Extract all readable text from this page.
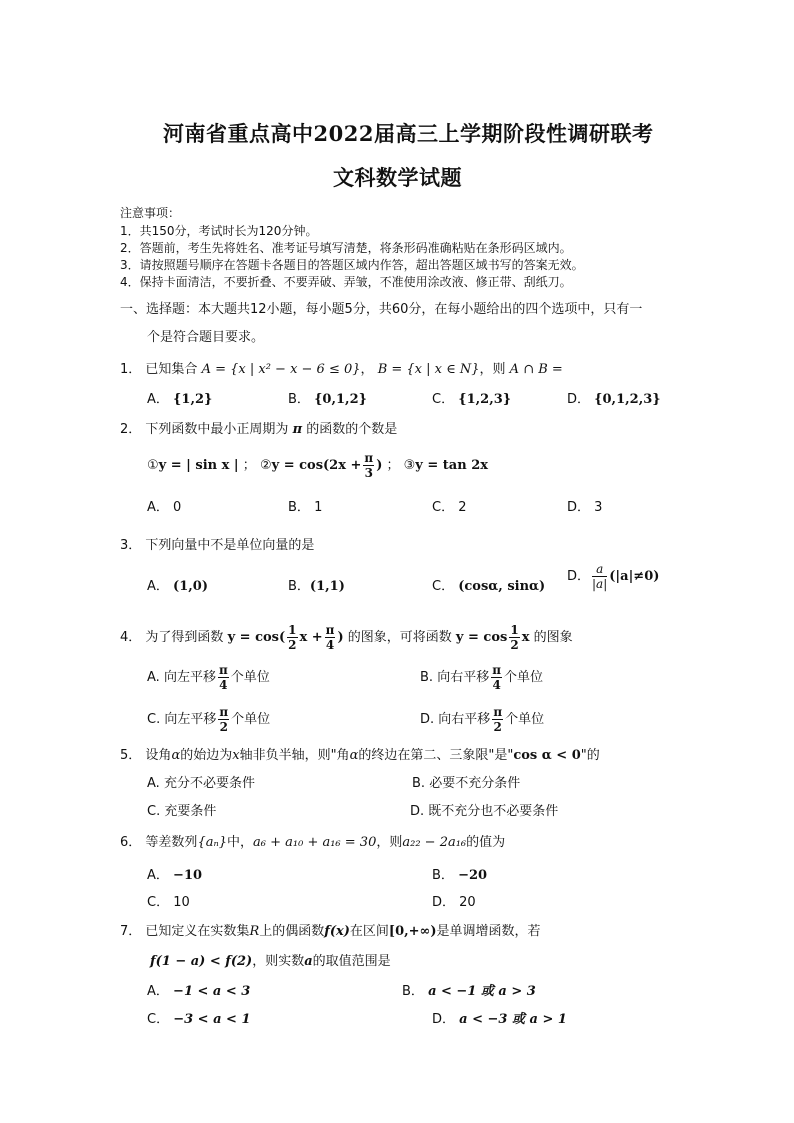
河南省重点高中2022届高三上学期阶段性调研联考
文科数学试题
注意事项：
1．共150分，考试时长为120分钟。
2．答题前，考生先将姓名、准考证号填写清楚，将条形码准确粘贴在条形码区域内。
3．请按照题号顺序在答题卡各题目的答题区域内作答，超出答题区域书写的答案无效。
4．保持卡面清洁，不要折叠、不要弄破、弄皱，不准使用涂改液、修正带、刮纸刀。
一、选择题：本大题共12小题，每小题5分，共60分，在每小题给出的四个选项中，只有一
个是符合题目要求。
1． 已知集合 A = {x | x² − x − 6 ≤ 0}， B = {x | x ∈ N}，则 A ∩ B =
A． {1,2}	B． {0,1,2}	C． {1,2,3}	D． {0,1,2,3}
2． 下列函数中最小正周期为 π 的函数的个数是
①y = | sin x | ； ②y = $\cos(2x + \frac{\pi}{3}$ ) ； ③y = tan 2x
A． 0	B． 1	C． 2	D． 3
3． 下列向量中不是单位向量的是
A． (1,0)	B．(1,1)	C． (cosα, sinα)
D． $\frac{a}{|a|} (|a|\ne 0)$
4． 为了得到函数 $y = \cos( \frac{1}{2}$ $x + \frac{\pi}{4}$ ) 的图象，可将函数 $y = \cos \frac{1}{2}$ x 的图象
A. 向左平移 $\frac{\pi}{4}$ 个单位	B. 向右平移 $\frac{\pi}{4}$ 个单位
C. 向左平移 $\frac{\pi}{2}$ 个单位	D. 向右平移 $\frac{\pi}{2}$ 个单位
5． 设角α的始边为x轴非负半轴，则"角α的终边在第二、三象限"是"cos α < 0"的
A. 充分不必要条件	B. 必要不充分条件
C. 充要条件	D. 既不充分也不必要条件
6． 等差数列{aₙ}中，a₆ + a₁₀ + a₁₆ = 30，则a₂₂ − 2a₁₆的值为
A． −10	B． −20
C． 10	D． 20
7． 已知定义在实数集R上的偶函数f(x)在区间[0,+∞)是单调增函数，若
f(1 − a) < f(2)，则实数a的取值范围是
A． −1 < a < 3	B． a < −1 或 a > 3
C． −3 < a < 1	D． a < −3 或 a > 1
